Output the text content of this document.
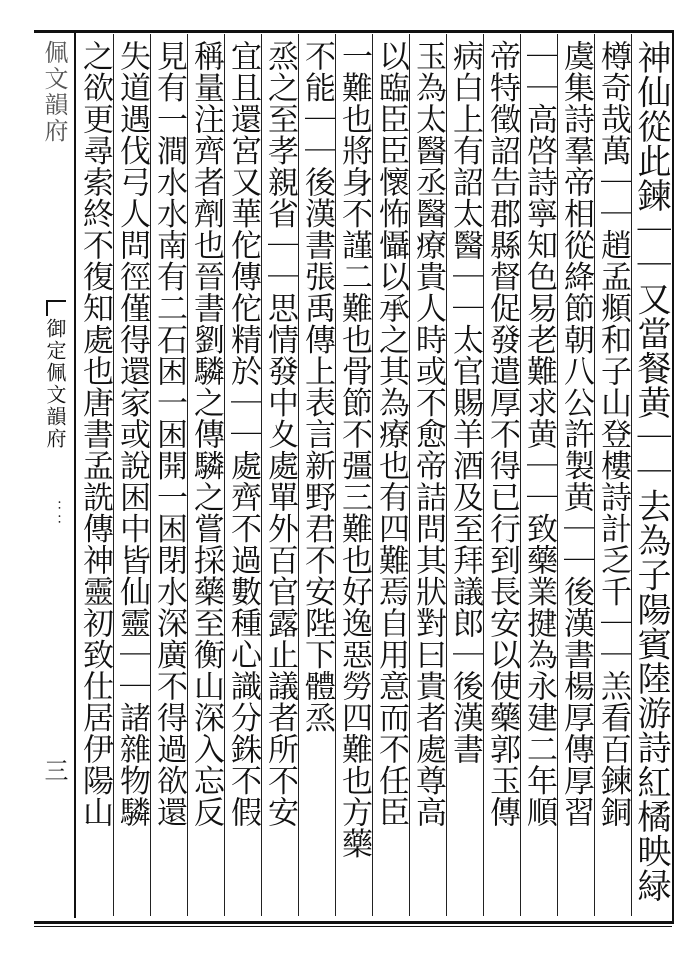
佩文韻府
御定佩文韻府
：：
三	神仙從此鍊｜｜又當餐黄｜｜去為子陽賓陸游詩紅橘映緑
樽奇哉萬｜｜趙孟頫和子山登樓詩計乏千｜｜羔看百鍊銅
虞集詩羣帝相從絳節朝八公許製黄｜｜後漢書楊厚傳厚習
｜｜高啓詩寧知色易老難求黄｜｜致藥業揵為永建二年順
帝特徵詔告郡縣督促發遣厚不得已行到長安以使藥郭玉傳
病白上有詔太醫｜｜太官賜羊酒及至拜議郎｜後漢書
玉為太醫丞醫療貴人時或不愈帝詰問其狀對曰貴者處尊高
以臨臣臣懷怖懾以承之其為療也有四難焉自用意而不任臣
一難也將身不謹二難也骨節不彊三難也好逸惡勞四難也方藥
不能｜｜後漢書張禹傳上表言新野君不安陛下體烝
烝之至孝親省｜｜思情發中夊處單外百官露止議者所不安
宜且還宮又華佗傳佗精於｜｜處齊不過數種心識分銖不假
稱量注齊者劑也晉書劉驎之傳驎之嘗採藥至衡山深入忘反
見有一澗水水南有二石困一困開一困閉水深廣不得過欲還
失道遇伐弓人問徑僅得還家或說困中皆仙靈｜｜諸雜物驎
之欲更尋索終不復知處也唐書孟詵傳神靈初致仕居伊陽山
